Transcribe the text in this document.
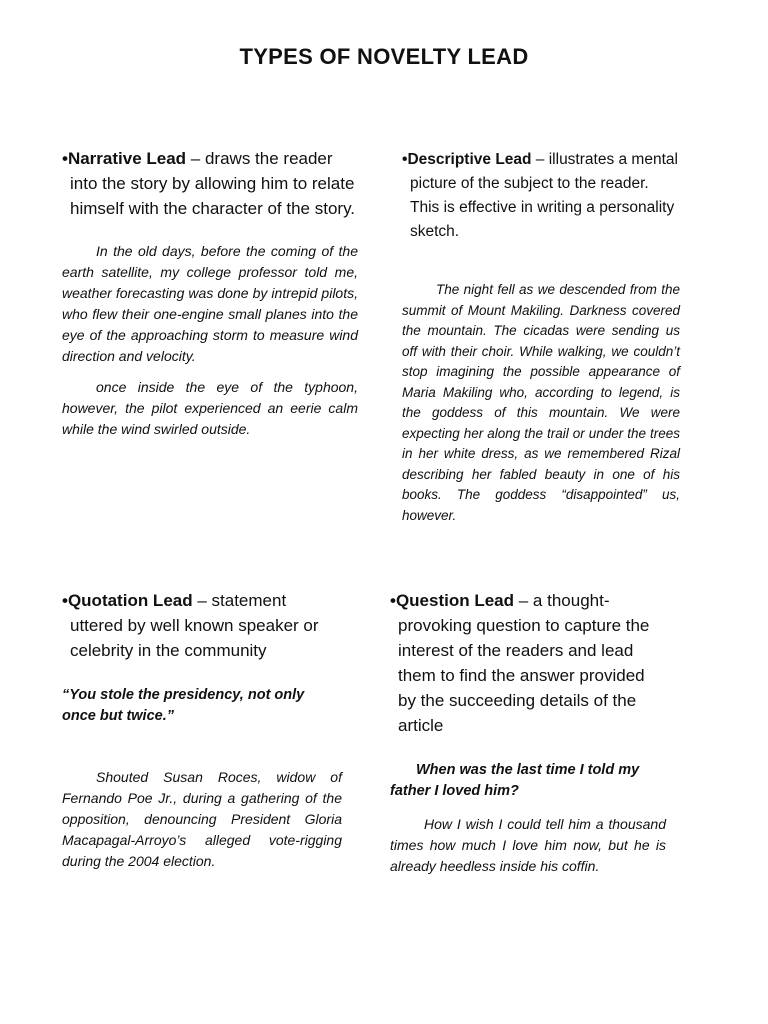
TYPES OF NOVELTY LEAD

•Narrative Lead – draws the reader into the story by allowing him to relate himself with the character of the story.

In the old days, before the coming of the earth satellite, my college professor told me, weather forecasting was done by intrepid pilots, who flew their one-engine small planes into the eye of the approaching storm to measure wind direction and velocity.

once inside the eye of the typhoon, however, the pilot experienced an eerie calm while the wind swirled outside.

•Descriptive Lead – illustrates a mental picture of the subject to the reader. This is effective in writing a personality sketch.

The night fell as we descended from the summit of Mount Makiling. Darkness covered the mountain. The cicadas were sending us off with their choir. While walking, we couldn’t stop imagining the possible appearance of Maria Makiling who, according to legend, is the goddess of this mountain. We were expecting her along the trail or under the trees in her white dress, as we remembered Rizal describing her fabled beauty in one of his books. The goddess “disappointed” us, however.

•Quotation Lead – statement uttered by well known speaker or celebrity in the community

“You stole the presidency, not only once but twice.”

Shouted Susan Roces, widow of Fernando Poe Jr., during a gathering of the opposition, denouncing President Gloria Macapagal-Arroyo’s alleged vote-rigging during the 2004 election.

•Question Lead – a thought-provoking question to capture the interest of the readers and lead them to find the answer provided by the succeeding details of the article

When was the last time I told my father I loved him?

How I wish I could tell him a thousand times how much I love him now, but he is already heedless inside his coffin.
